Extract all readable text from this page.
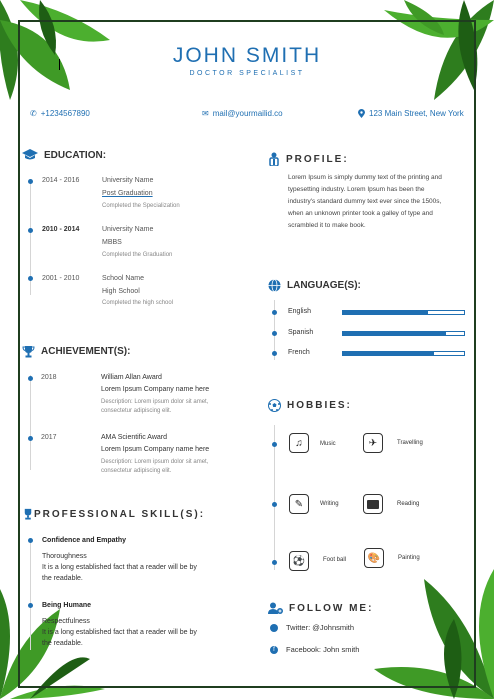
JOHN SMITH
DOCTOR SPECIALIST
✆ +1234567890	✉ mail@yourmailid.co	123 Main Street, New York
EDUCATION:
2014 - 2016	University Name
Post Graduation
Completed the Specialization
2010 - 2014	University Name
MBBS
Completed the Graduation
2001 - 2010	School Name
High School
Completed the high school
ACHIEVEMENT(S):
2018	William Allan Award
Lorem Ipsum Company name here
Description: Lorem ipsum dolor sit amet,
consectetur adipiscing elit.
2017	AMA Scientific Award
Lorem Ipsum Company name here
Description: Lorem ipsum dolor sit amet,
consectetur adipiscing elit.
PROFESSIONAL SKILL(S):
Confidence and Empathy
Thoroughness
It is a long established fact that a reader will be by
the readable.
Being Humane
Respectfulness
It is a long established fact that a reader will be by
the readable.
PROFILE:
Lorem Ipsum is simply dummy text of the printing and
typesetting industry. Lorem Ipsum has been the
industry's standard dummy text ever since the 1500s,
when an unknown printer took a galley of type and
scrambled it to make book.
LANGUAGE(S):
English
Spanish
French
HOBBIES:
♫	Music	✈	Travelling
✎	Writing	Reading
⚽	Foot ball	🎨	Painting
FOLLOW ME:
Twitter: @Johnsmith
f	Facebook: John smith
